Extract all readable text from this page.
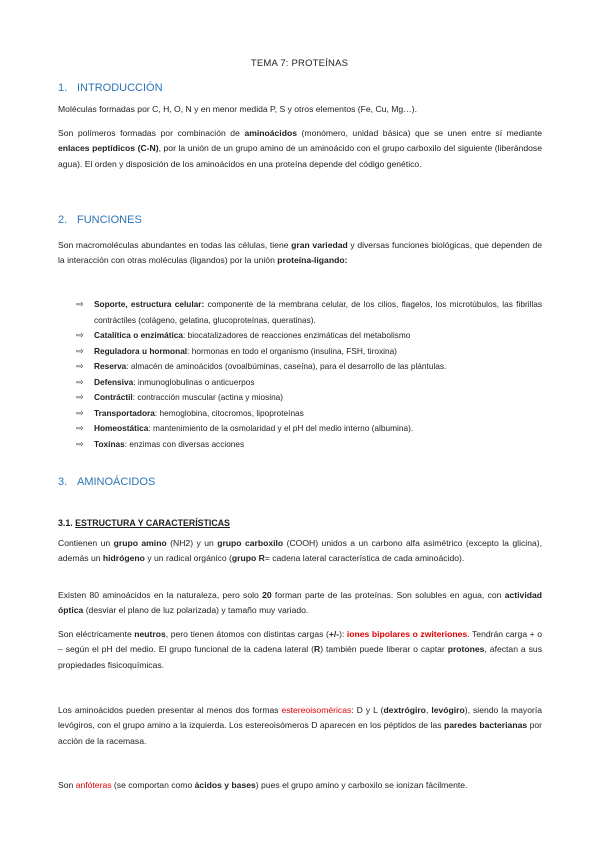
TEMA 7: PROTEÍNAS
1. INTRODUCCIÓN
Moléculas formadas por C, H, O, N y en menor medida P, S y otros elementos (Fe, Cu, Mg…).
Son polímeros formadas por combinación de aminoácidos (monómero, unidad básica) que se unen entre sí mediante enlaces peptídicos (C-N), por la unión de un grupo amino de un aminoácido con el grupo carboxilo del siguiente (liberándose agua). El orden y disposición de los aminoácidos en una proteína depende del código genético.
2. FUNCIONES
Son macromoléculas abundantes en todas las células, tiene gran variedad y diversas funciones biológicas, que dependen de la interacción con otras moléculas (ligandos) por la unión proteína-ligando:
⇨ Soporte, estructura celular: componente de la membrana celular, de los cilios, flagelos, los microtúbulos, las fibrillas contráctiles (colágeno, gelatina, glucoproteínas, queratinas).
⇨ Catalítica o enzimática: biocatalizadores de reacciones enzimáticas del metabolismo
⇨ Reguladora u hormonal: hormonas en todo el organismo (insulina, FSH, tiroxina)
⇨ Reserva: almacén de aminoácidos (ovoalbúminas, caseína), para el desarrollo de las plántulas.
⇨ Defensiva: inmunoglobulinas o anticuerpos
⇨ Contráctil: contracción muscular (actina y miosina)
⇨ Transportadora: hemoglobina, citocromos, lipoproteínas
⇨ Homeostática: mantenimiento de la osmolaridad y el pH del medio interno (albumina).
⇨ Toxinas: enzimas con diversas acciones
3. AMINOÁCIDOS
3.1. ESTRUCTURA Y CARACTERÍSTICAS
Contienen un grupo amino (NH2) y un grupo carboxilo (COOH) unidos a un carbono alfa asimétrico (excepto la glicina), además un hidrógeno y un radical orgánico (grupo R= cadena lateral característica de cada aminoácido).
Existen 80 aminoácidos en la naturaleza, pero solo 20 forman parte de las proteínas. Son solubles en agua, con actividad óptica (desviar el plano de luz polarizada) y tamaño muy variado.
Son eléctricamente neutros, pero tienen átomos con distintas cargas (+/-): iones bipolares o zwiteriones. Tendrán carga + o – según el pH del medio. El grupo funcional de la cadena lateral (R) también puede liberar o captar protones, afectan a sus propiedades fisicoquímicas.
Los aminoácidos pueden presentar al menos dos formas estereoisoméricas: D y L (dextrógiro, levógiro), siendo la mayoría levógiros, con el grupo amino a la izquierda. Los estereoisómeros D aparecen en los péptidos de las paredes bacterianas por acción de la racemasa.
Son anfóteras (se comportan como ácidos y bases) pues el grupo amino y carboxilo se ionizan fácilmente.
